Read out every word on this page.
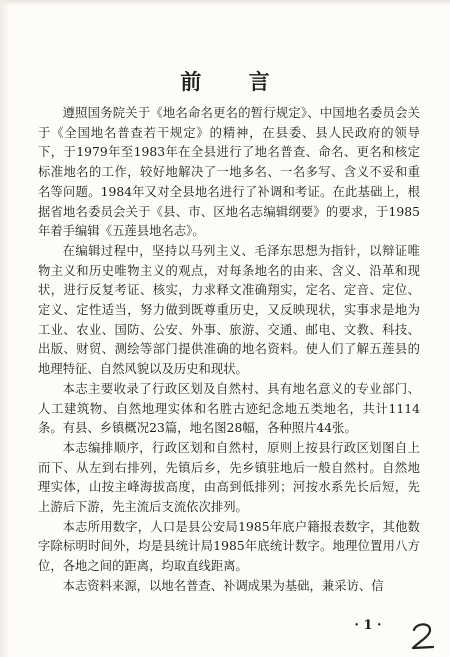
前 言

遵照国务院关于《地名命名更名的暂行规定》、中国地名委员会关于《全国地名普查若干规定》的精神，在县委、县人民政府的领导下，于1979年至1983年在全县进行了地名普查、命名、更名和核定标准地名的工作，较好地解决了一地多名、一名多写、含义不妥和重名等问题。1984年又对全县地名进行了补调和考证。在此基础上，根据省地名委员会关于《县、市、区地名志编辑纲要》的要求，于1985年着手编辑《五莲县地名志》。

在编辑过程中，坚持以马列主义、毛泽东思想为指针，以辩证唯物主义和历史唯物主义的观点，对每条地名的由来、含义、沿革和现状，进行反复考证、核实，力求释文准确翔实，定名、定音、定位、定义、定性适当，努力做到既尊重历史，又反映现状，实事求是地为工业、农业、国防、公安、外事、旅游、交通、邮电、文教、科技、出版、财贸、测绘等部门提供准确的地名资料。使人们了解五莲县的地理特征、自然风貌以及历史和现状。

本志主要收录了行政区划及自然村、具有地名意义的专业部门、人工建筑物、自然地理实体和名胜古迹纪念地五类地名，共计1114条。有县、乡镇概况23篇，地名图28幅，各种照片44张。

本志编排顺序，行政区划和自然村，原则上按县行政区划图自上而下、从左到右排列，先镇后乡，先乡镇驻地后一般自然村。自然地理实体，山按主峰海拔高度，由高到低排列；河按水系先长后短，先上游后下游，先主流后支流依次排列。

本志所用数字，人口是县公安局1985年底户籍报表数字，其他数字除标明时间外，均是县统计局1985年底统计数字。地理位置用八方位，各地之间的距离，均取直线距离。

本志资料来源，以地名普查、补调成果为基础，兼采访、信

· 1 ·
